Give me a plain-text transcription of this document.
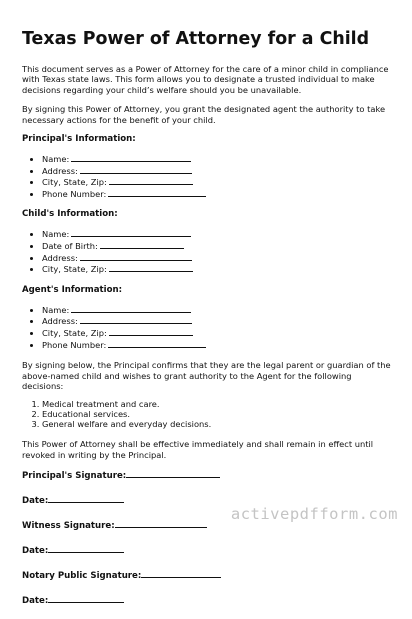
Texas Power of Attorney for a Child

This document serves as a Power of Attorney for the care of a minor child in compliance with Texas state laws. This form allows you to designate a trusted individual to make decisions regarding your child’s welfare should you be unavailable.

By signing this Power of Attorney, you grant the designated agent the authority to take necessary actions for the benefit of your child.

Principal's Information:
• Name:
• Address:
• City, State, Zip:
• Phone Number:
Child's Information:
• Name:
• Date of Birth:
• Address:
• City, State, Zip:
Agent's Information:
• Name:
• Address:
• City, State, Zip:
• Phone Number:

By signing below, the Principal confirms that they are the legal parent or guardian of the above-named child and wishes to grant authority to the Agent for the following decisions:

1. Medical treatment and care.
2. Educational services.
3. General welfare and everyday decisions.

This Power of Attorney shall be effective immediately and shall remain in effect until revoked in writing by the Principal.

Principal's Signature:
Date:
Witness Signature:
Date:
Notary Public Signature:
Date:
activepdfform.com
